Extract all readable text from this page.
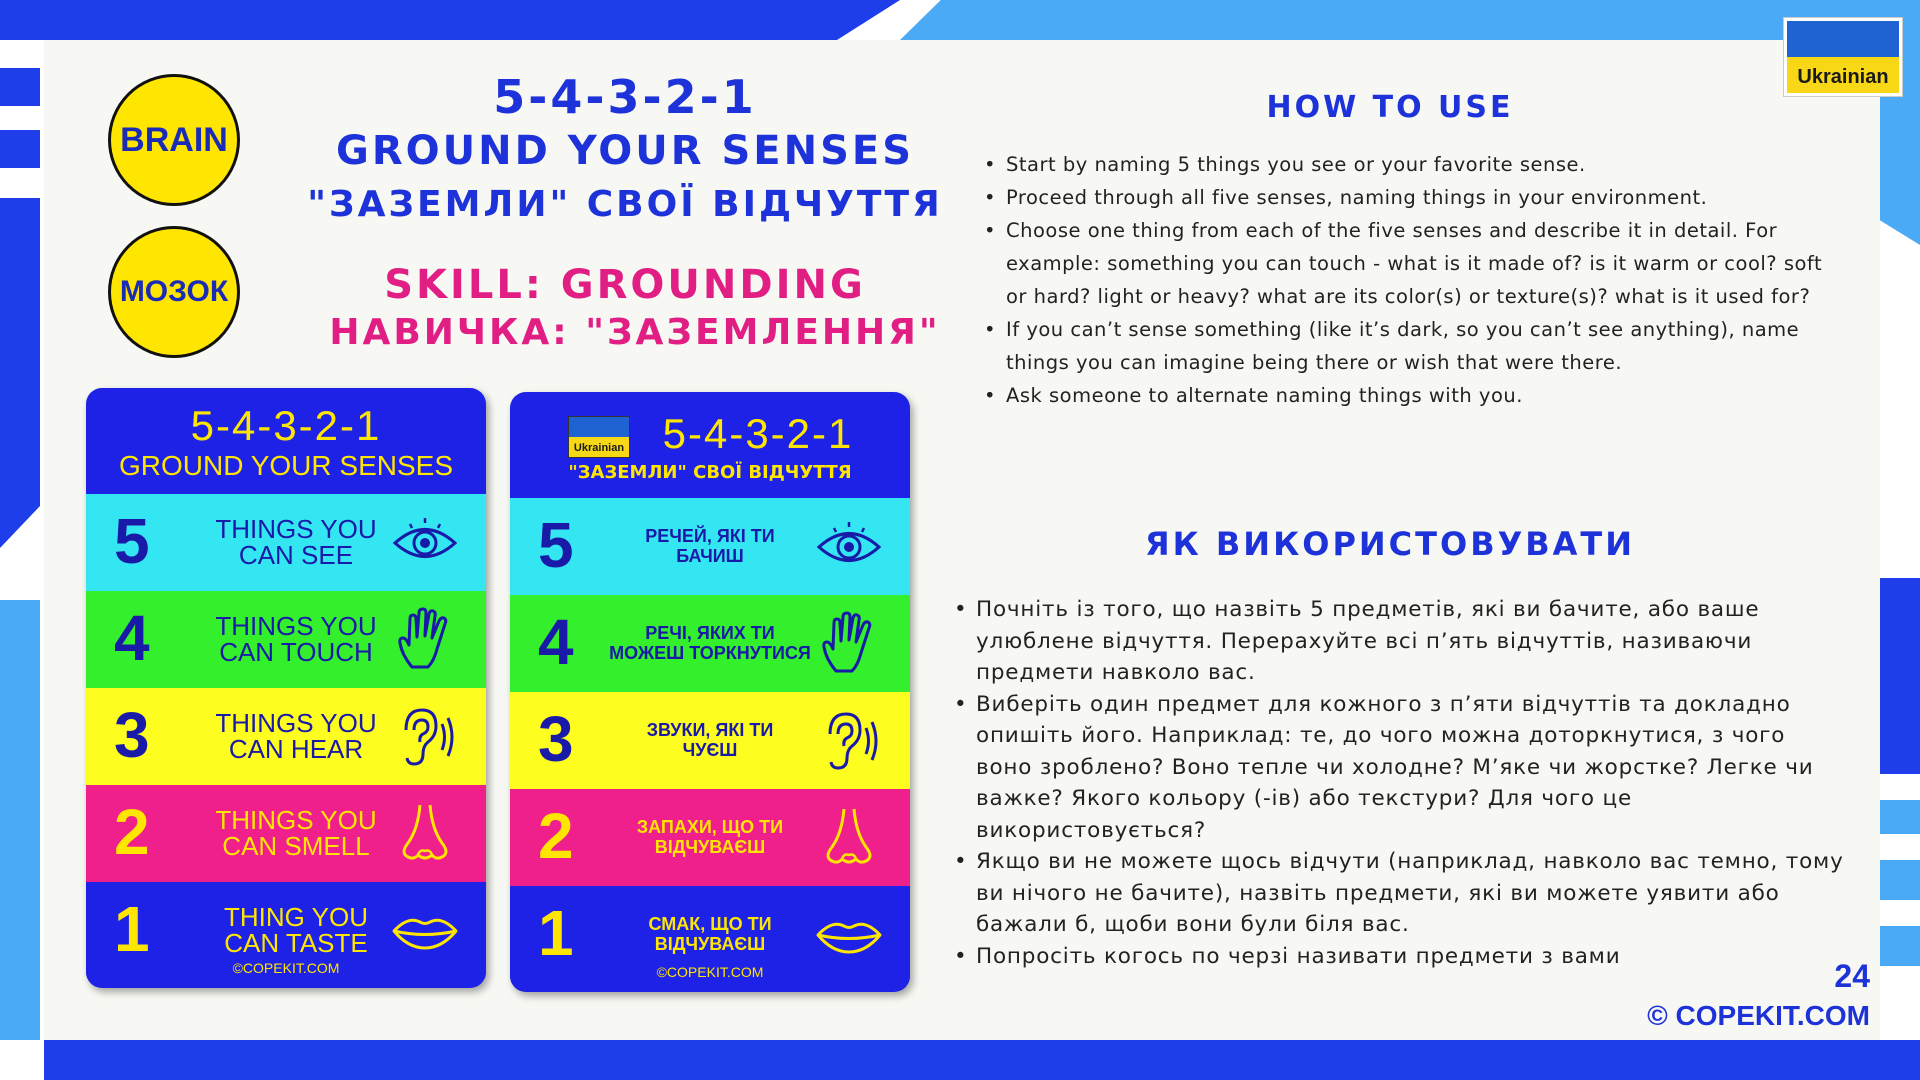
BRAIN
МОЗОК
5-4-3-2-1
GROUND YOUR SENSES
"ЗАЗЕМЛИ" СВОЇ ВІДЧУТТЯ
SKILL: GROUNDING
НАВИЧКА: "ЗАЗЕМЛЕННЯ"
5-4-3-2-1
GROUND YOUR SENSES
5	THINGS YOU
CAN SEE
4	THINGS YOU
CAN TOUCH
3	THINGS YOU
CAN HEAR
2	THINGS YOU
CAN SMELL
1	THING YOU
CAN TASTE
©COPEKIT.COM
Ukrainian 5-4-3-2-1
"ЗАЗЕМЛИ" СВОЇ ВІДЧУТТЯ
5	РЕЧЕЙ, ЯКІ ТИ
БАЧИШ
4	РЕЧІ, ЯКИХ ТИ
МОЖЕШ ТОРКНУТИСЯ
3	ЗВУКИ, ЯКІ ТИ
ЧУЄШ
2	ЗАПАХИ, ЩО ТИ
ВІДЧУВАЄШ
1	СМАК, ЩО ТИ
ВІДЧУВАЄШ
©COPEKIT.COM
Ukrainian
HOW TO USE
• Start by naming 5 things you see or your favorite sense.
• Proceed through all five senses, naming things in your environment.
• Choose one thing from each of the five senses and describe it in detail. For example: something you can touch - what is it made of? is it warm or cool? soft or hard? light or heavy? what are its color(s) or texture(s)? what is it used for?
• If you can’t sense something (like it’s dark, so you can’t see anything), name things you can imagine being there or wish that were there.
• Ask someone to alternate naming things with you.
ЯК ВИКОРИСТОВУВАТИ
• Почніть із того, що назвіть 5 предметів, які ви бачите, або ваше улюблене відчуття. Перерахуйте всі п’ять відчуттів, називаючи предмети навколо вас.
• Виберіть один предмет для кожного з п’яти відчуттів та докладно опишіть його. Наприклад: те, до чого можна доторкнутися, з чого воно зроблено? Воно тепле чи холодне? М’яке чи жорстке? Легке чи важке? Якого кольору (-ів) або текстури? Для чого це використовується?
• Якщо ви не можете щось відчути (наприклад, навколо вас темно, тому ви нічого не бачите), назвіть предмети, які ви можете уявити або бажали б, щоби вони були біля вас.
• Попросіть когось по черзі називати предмети з вами
24
© COPEKIT.COM
